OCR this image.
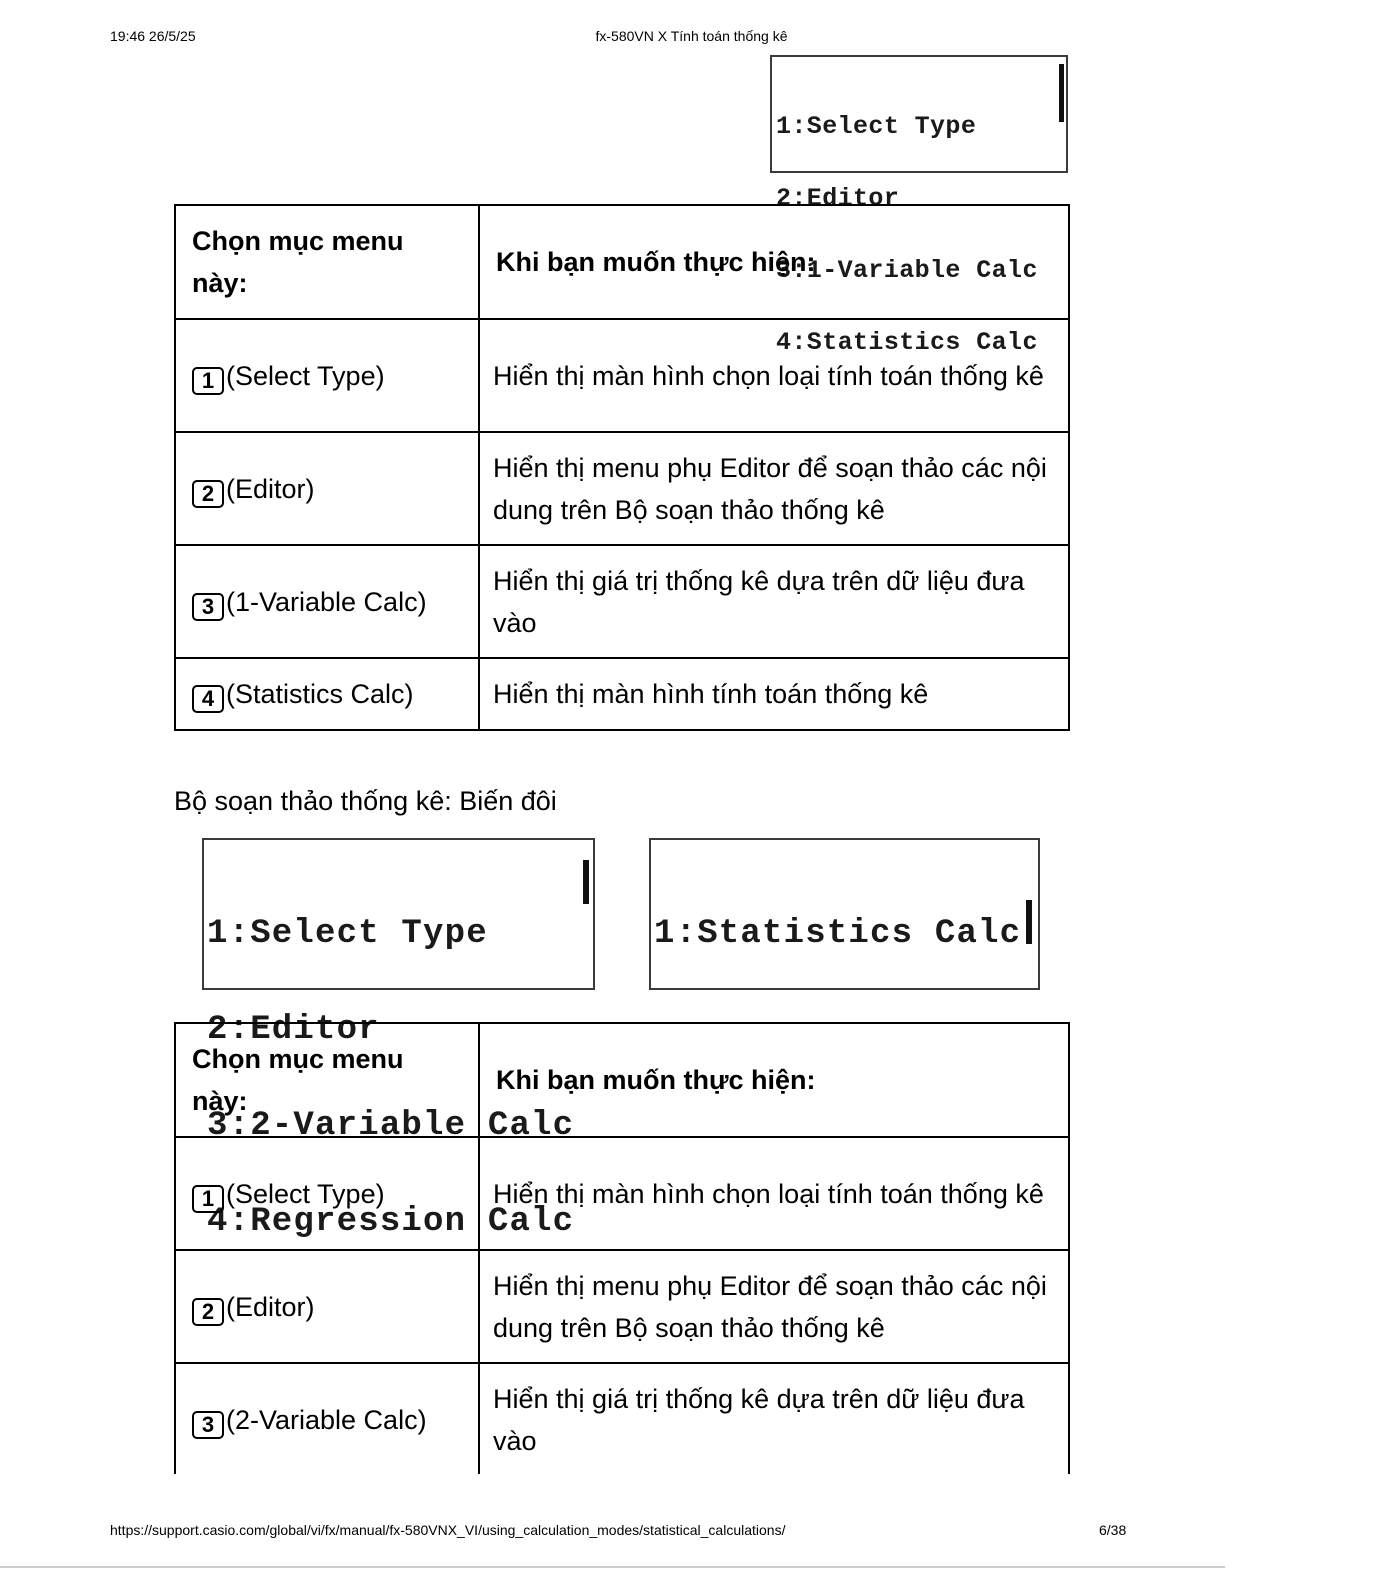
19:46 26/5/25	fx-580VN X Tính toán thống kê

1:Select Type

2:Editor

3:1-Variable Calc

4:Statistics Calc

Chọn mục menu này:	Khi bạn muốn thực hiện:
1 (Select Type)	Hiển thị màn hình chọn loại tính toán thống kê
2 (Editor)	Hiển thị menu phụ Editor để soạn thảo các nội dung trên Bộ soạn thảo thống kê
3 (1-Variable Calc)	Hiển thị giá trị thống kê dựa trên dữ liệu đưa vào
4 (Statistics Calc)	Hiển thị màn hình tính toán thống kê
Bộ soạn thảo thống kê: Biến đôi

1:Select Type

2:Editor

3:2-Variable Calc

4:Regression Calc

1:Statistics Calc

Chọn mục menu này:	Khi bạn muốn thực hiện:
1 (Select Type)	Hiển thị màn hình chọn loại tính toán thống kê
2 (Editor)	Hiển thị menu phụ Editor để soạn thảo các nội dung trên Bộ soạn thảo thống kê
3 (2-Variable Calc)	Hiển thị giá trị thống kê dựa trên dữ liệu đưa vào
https://support.casio.com/global/vi/fx/manual/fx-580VNX_VI/using_calculation_modes/statistical_calculations/	6/38
